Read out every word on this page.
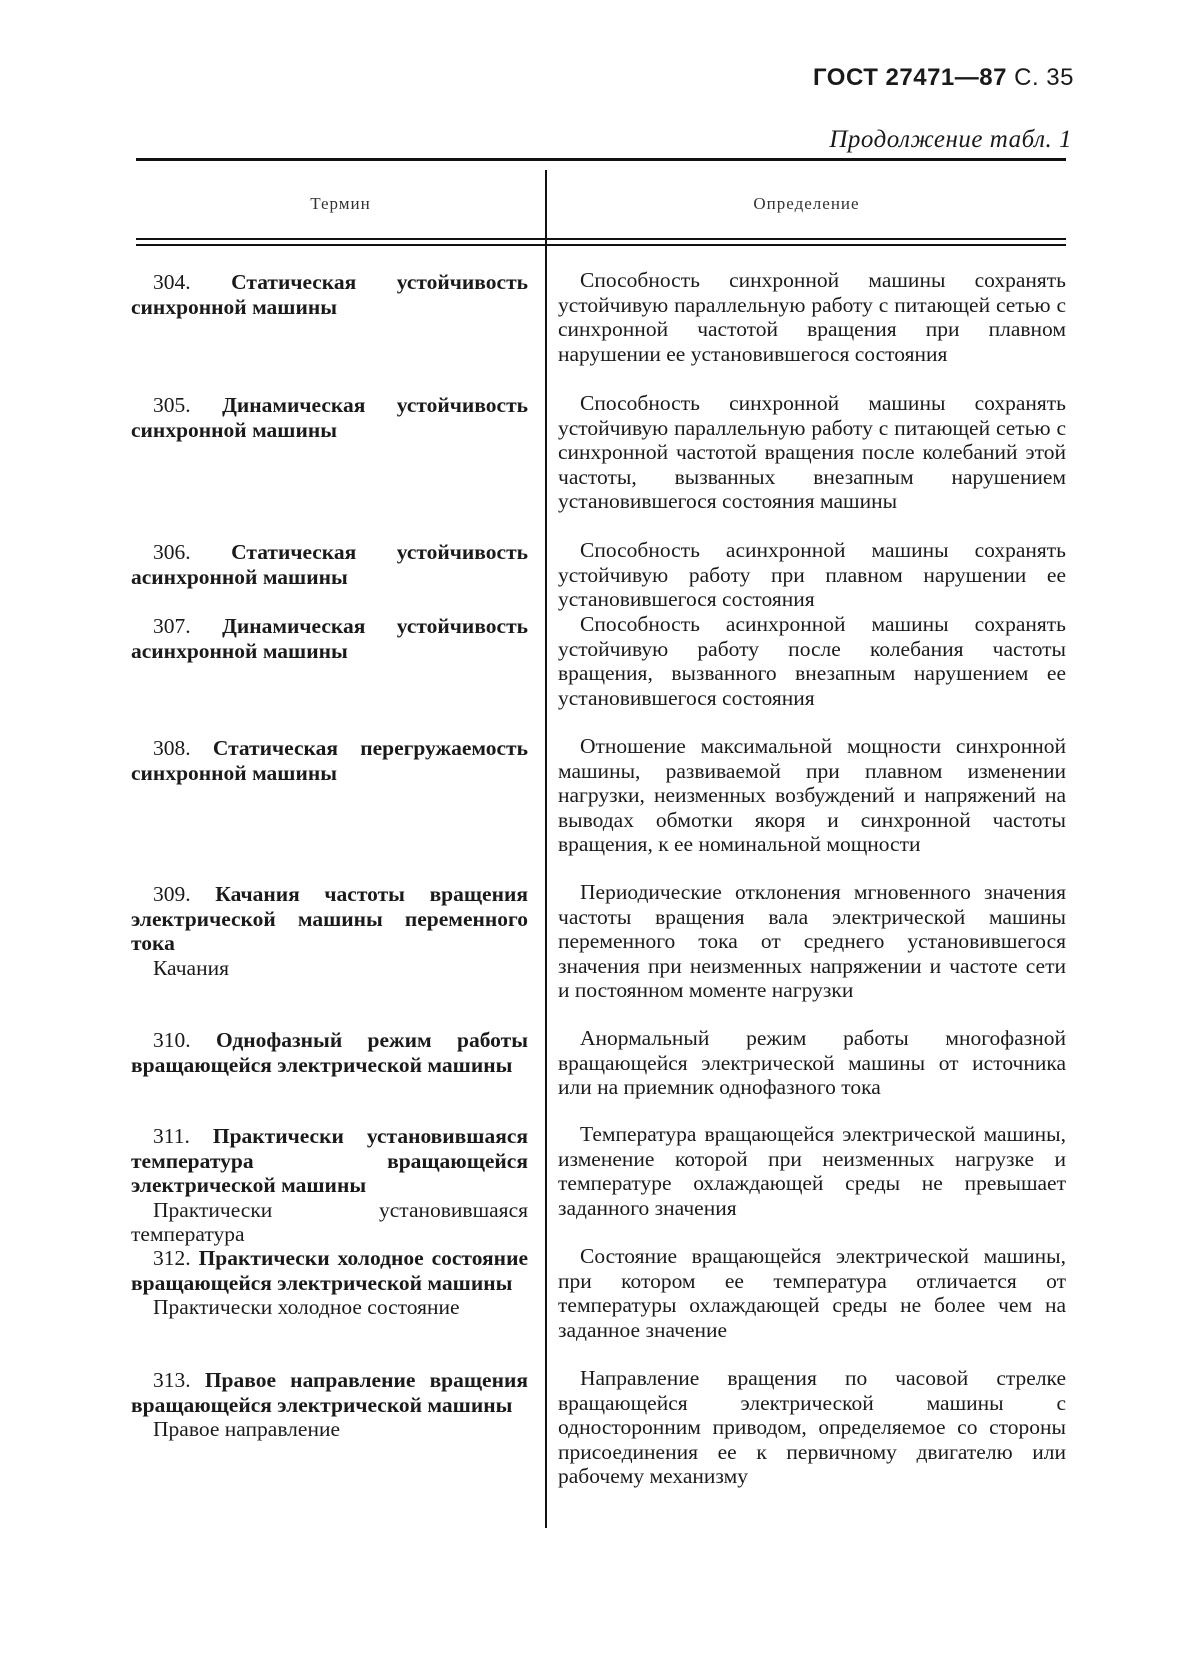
ГОСТ 27471—87 С. 35
Продолжение табл. 1
Термин	Определение
304. Статическая устойчивость синхронной машины
Способность синхронной машины сохранять устойчивую параллельную работу с питающей сетью с синхронной частотой вращения при плавном нарушении ее установившегося состояния
305. Динамическая устойчивость синхронной машины
Способность синхронной машины сохранять устойчивую параллельную работу с питающей сетью с синхронной частотой вращения после колебаний этой частоты, вызванных внезапным нарушением установившегося состояния машины
306. Статическая устойчивость асинхронной машины
Способность асинхронной машины сохранять устойчивую работу при плавном нарушении ее установившегося состояния
307. Динамическая устойчивость асинхронной машины
Способность асинхронной машины сохранять устойчивую работу после колебания частоты вращения, вызванного внезапным нарушением ее установившегося состояния
308. Статическая перегружаемость синхронной машины
Отношение максимальной мощности синхронной машины, развиваемой при плавном изменении нагрузки, неизменных возбуждений и напряжений на выводах обмотки якоря и синхронной частоты вращения, к ее номинальной мощности
309. Качания частоты вращения электрической машины переменного тока
Качания
Периодические отклонения мгновенного значения частоты вращения вала электрической машины переменного тока от среднего установившегося значения при неизменных напряжении и частоте сети и постоянном моменте нагрузки
310. Однофазный режим работы вращающейся электрической машины
Анормальный режим работы многофазной вращающейся электрической машины от источника или на приемник однофазного тока
311. Практически установившаяся температура вращающейся электрической машины
Практически установившаяся температура
Температура вращающейся электрической машины, изменение которой при неизменных нагрузке и температуре охлаждающей среды не превышает заданного значения
312. Практически холодное состояние вращающейся электрической машины
Практически холодное состояние
Состояние вращающейся электрической машины, при котором ее температура отличается от температуры охлаждающей среды не более чем на заданное значение
313. Правое направление вращения вращающейся электрической машины
Правое направление
Направление вращения по часовой стрелке вращающейся электрической машины с односторонним приводом, определяемое со стороны присоединения ее к первичному двигателю или рабочему механизму
